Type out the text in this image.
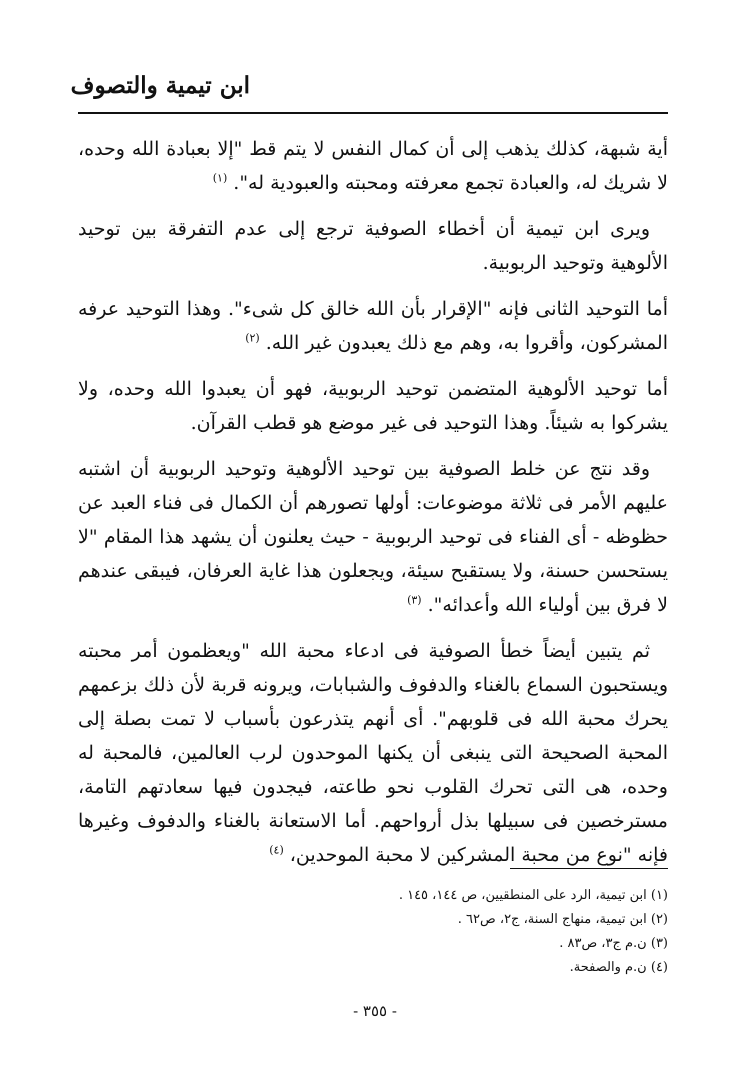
ابن تيمية والتصوف

أية شبهة، كذلك يذهب إلى أن كمال النفس لا يتم قط "إلا بعبادة الله وحده، لا شريك له، والعبادة تجمع معرفته ومحبته والعبودية له". $^{(١)}$

ويرى ابن تيمية أن أخطاء الصوفية ترجع إلى عدم التفرقة بين توحيد الألوهية وتوحيد الربوبية.

أما التوحيد الثانى فإنه "الإقرار بأن الله خالق كل شىء". وهذا التوحيد عرفه المشركون، وأقروا به، وهم مع ذلك يعبدون غير الله. $^{(٢)}$

أما توحيد الألوهية المتضمن توحيد الربوبية، فهو أن يعبدوا الله وحده، ولا يشركوا به شيئاً. وهذا التوحيد فى غير موضع هو قطب القرآن.

وقد نتج عن خلط الصوفية بين توحيد الألوهية وتوحيد الربوبية أن اشتبه عليهم الأمر فى ثلاثة موضوعات: أولها تصورهم أن الكمال فى فناء العبد عن حظوظه - أى الفناء فى توحيد الربوبية - حيث يعلنون أن يشهد هذا المقام "لا يستحسن حسنة، ولا يستقبح سيئة، ويجعلون هذا غاية العرفان، فيبقى عندهم لا فرق بين أولياء الله وأعدائه". $^{(٣)}$

ثم يتبين أيضاً خطأ الصوفية فى ادعاء محبة الله "ويعظمون أمر محبته ويستحبون السماع بالغناء والدفوف والشبابات، ويرونه قربة لأن ذلك بزعمهم يحرك محبة الله فى قلوبهم". أى أنهم يتذرعون بأسباب لا تمت بصلة إلى المحبة الصحيحة التى ينبغى أن يكنها الموحدون لرب العالمين، فالمحبة له وحده، هى التى تحرك القلوب نحو طاعته، فيجدون فيها سعادتهم التامة، مسترخصين فى سبيلها بذل أرواحهم. أما الاستعانة بالغناء والدفوف وغيرها فإنه "نوع من محبة المشركين لا محبة الموحدين، $^{(٤)}$

(١) ابن تيمية، الرد على المنطقيين، ص ١٤٤، ١٤٥ .

(٢) ابن تيمية، منهاج السنة، ج٢، ص٦٢ .

(٣) ن.م ج٣، ص٨٣ .

(٤) ن.م والصفحة.

- ٣٥٥ -
